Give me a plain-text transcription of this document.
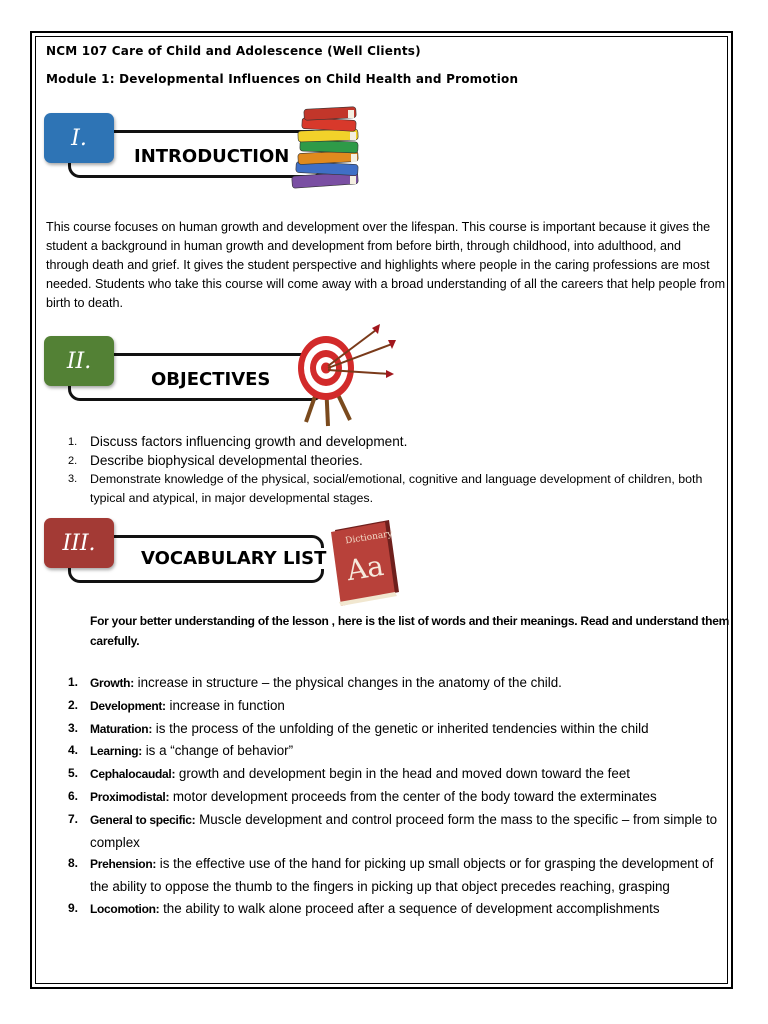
NCM 107 Care of Child and Adolescence (Well Clients)
Module 1: Developmental Influences on Child Health and Promotion
I.
INTRODUCTION
This course focuses on human growth and development over the lifespan. This course is important because it gives the student a background in human growth and development from before birth, through childhood, into adulthood, and through death and grief. It gives the student perspective and highlights where people in the caring professions are most needed. Students who take this course will come away with a broad understanding of all the careers that help people from birth to death.
II.
OBJECTIVES
1. Discuss factors influencing growth and development.
2. Describe biophysical developmental theories.
3. Demonstrate knowledge of the physical, social/emotional, cognitive and language development of children, both typical and atypical, in major developmental stages.
III.
VOCABULARY LIST
Dictionary
Aa
For your better understanding of the lesson , here is the list of words and their meanings. Read and understand them carefully.
1. Growth: increase in structure – the physical changes in the anatomy of the child.
2. Development: increase in function
3. Maturation: is the process of the unfolding of the genetic or inherited tendencies within the child
4. Learning: is a “change of behavior”
5. Cephalocaudal: growth and development begin in the head and moved down toward the feet
6. Proximodistal: motor development proceeds from the center of the body toward the exterminates
7. General to specific: Muscle development and control proceed form the mass to the specific – from simple to complex
8. Prehension: is the effective use of the hand for picking up small objects or for grasping the development of the ability to oppose the thumb to the fingers in picking up that object precedes reaching, grasping
9. Locomotion: the ability to walk alone proceed after a sequence of development accomplishments
